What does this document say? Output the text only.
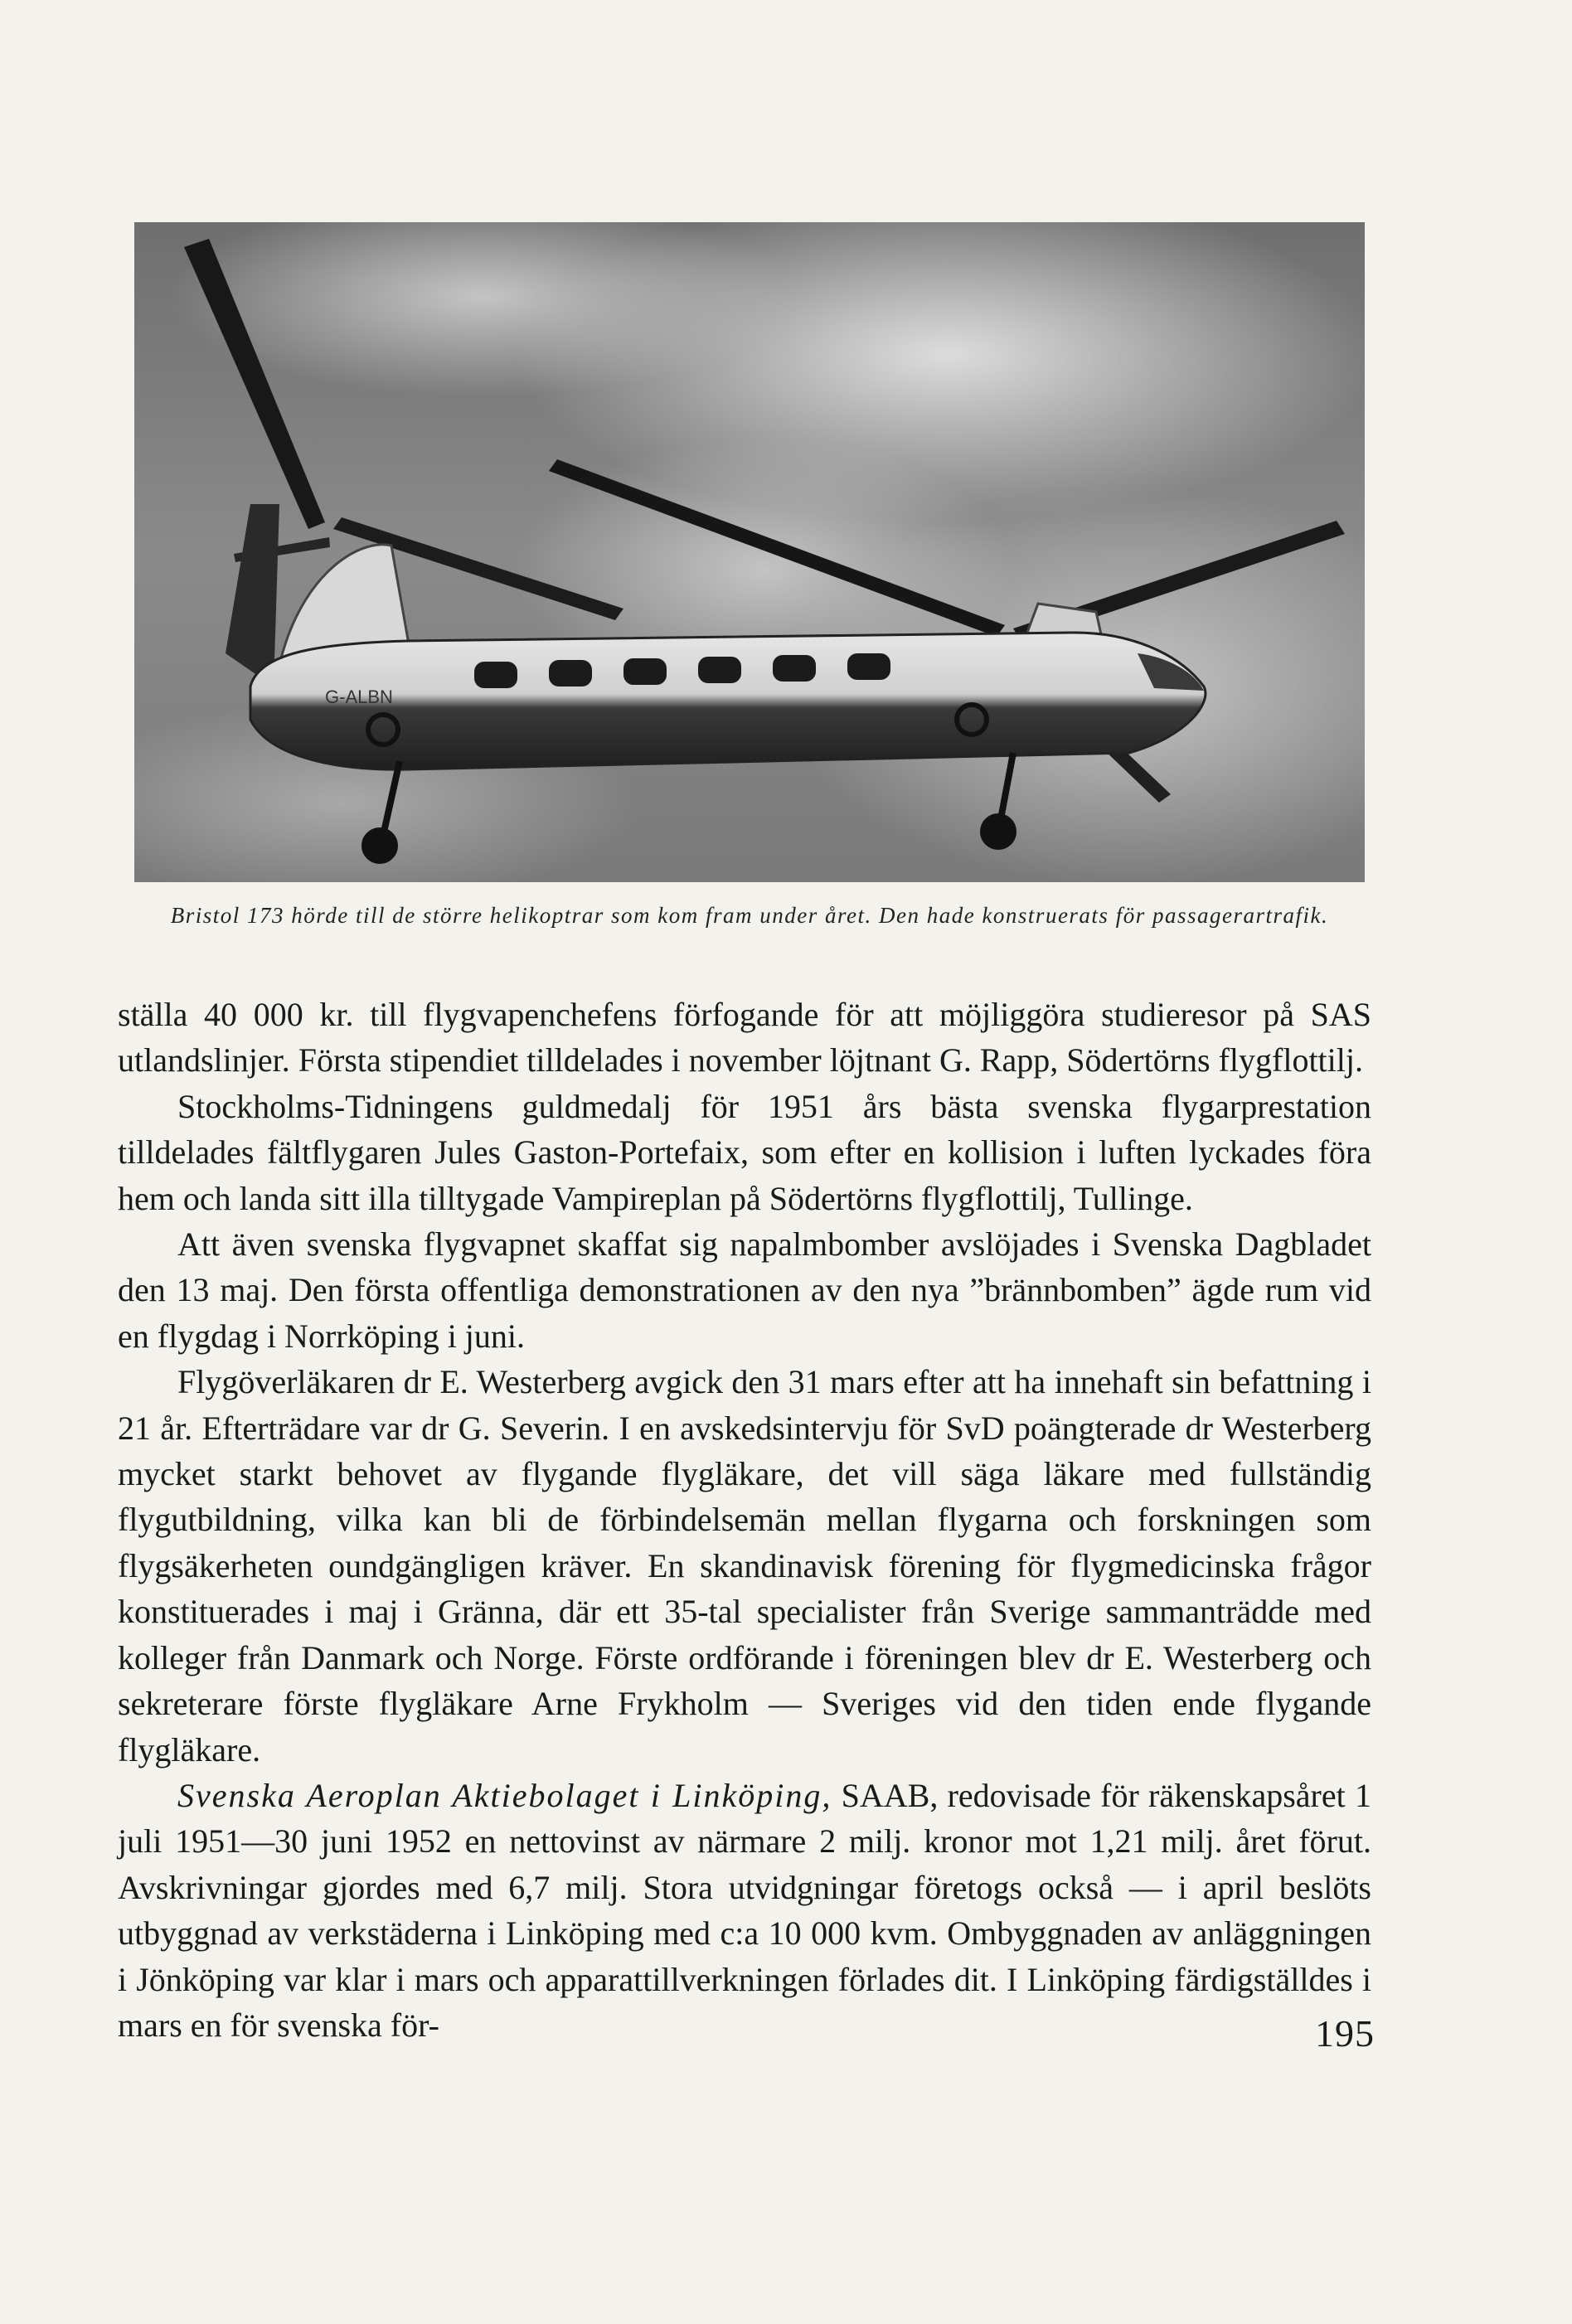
G-ALBN
Bristol 173 hörde till de större helikoptrar som kom fram under året. Den hade konstruerats för passagerartrafik.

ställa 40 000 kr. till flygvapenchefens förfogande för att möjliggöra studieresor på SAS utlandslinjer. Första stipendiet tilldelades i november löjtnant G. Rapp, Södertörns flygflottilj.

Stockholms-Tidningens guldmedalj för 1951 års bästa svenska flygarprestation tilldelades fältflygaren Jules Gaston-Portefaix, som efter en kollision i luften lyckades föra hem och landa sitt illa tilltygade Vampireplan på Södertörns flygflottilj, Tullinge.

Att även svenska flygvapnet skaffat sig napalmbomber avslöjades i Svenska Dagbladet den 13 maj. Den första offentliga demonstrationen av den nya ”brännbomben” ägde rum vid en flygdag i Norrköping i juni.

Flygöverläkaren dr E. Westerberg avgick den 31 mars efter att ha innehaft sin befattning i 21 år. Efterträdare var dr G. Severin. I en avskedsintervju för SvD poängterade dr Westerberg mycket starkt behovet av flygande flygläkare, det vill säga läkare med fullständig flygutbildning, vilka kan bli de förbindelsemän mellan flygarna och forskningen som flygsäkerheten oundgängligen kräver. En skandinavisk förening för flygmedicinska frågor konstituerades i maj i Gränna, där ett 35-tal specialister från Sverige sammanträdde med kolleger från Danmark och Norge. Förste ordförande i föreningen blev dr E. Westerberg och sekreterare förste flygläkare Arne Frykholm — Sveriges vid den tiden ende flygande flygläkare.

Svenska Aeroplan Aktiebolaget i Linköping, SAAB, redovisade för räkenskapsåret 1 juli 1951—30 juni 1952 en nettovinst av närmare 2 milj. kronor mot 1,21 milj. året förut. Avskrivningar gjordes med 6,7 milj. Stora utvidgningar företogs också — i april beslöts utbyggnad av verkstäderna i Linköping med c:a 10 000 kvm. Ombyggnaden av anläggningen i Jönköping var klar i mars och apparattillverkningen förlades dit. I Linköping färdigställdes i mars en för svenska för-	195
